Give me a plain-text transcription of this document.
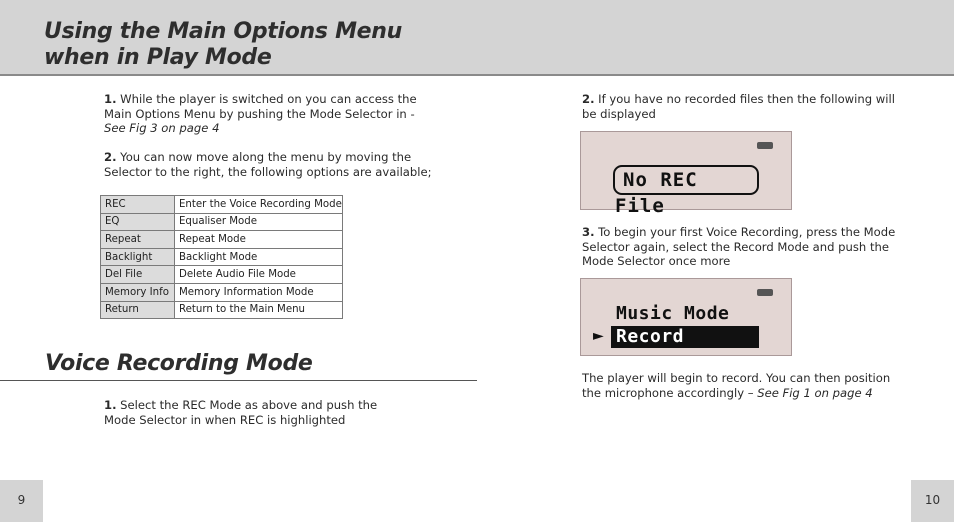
Using the Main Options Menu
when in Play Mode

1. While the player is switched on you can access the Main Options Menu by pushing the Mode Selector in - See Fig 3 on page 4

2. You can now move along the menu by moving the Selector to the right, the following options are available;

REC	Enter the Voice Recording Mode
EQ	Equaliser Mode
Repeat	Repeat Mode
Backlight	Backlight Mode
Del File	Delete Audio File Mode
Memory Info	Memory Information Mode
Return	Return to the Main Menu
Voice Recording Mode

1. Select the REC Mode as above and push the Mode Selector in when REC is highlighted

9

2. If you have no recorded files then the following will be displayed

No REC File

3. To begin your first Voice Recording, press the Mode Selector again, select the Record Mode and push the Mode Selector once more

Music Mode
► Record

The player will begin to record. You can then position the microphone accordingly – See Fig 1 on page 4

10
